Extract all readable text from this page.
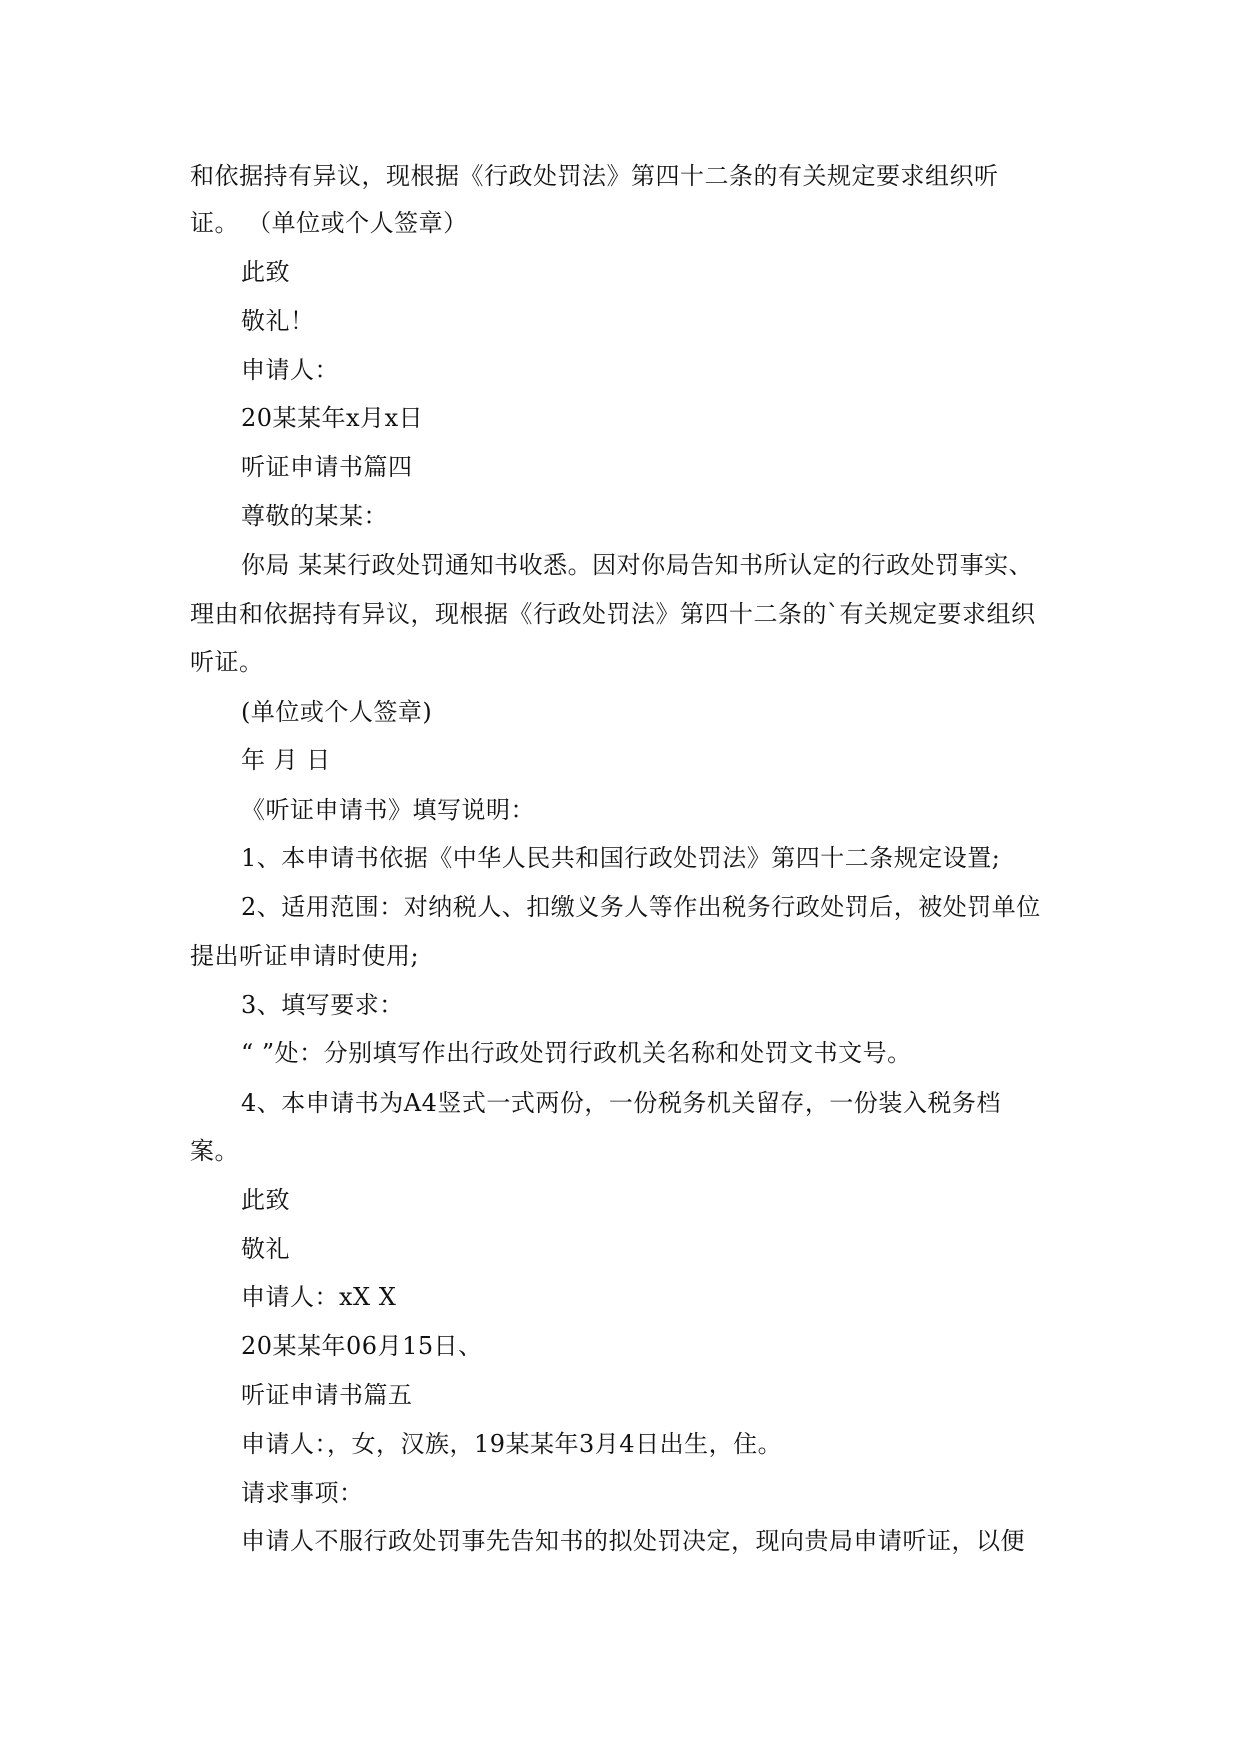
和依据持有异议，现根据《行政处罚法》第四十二条的有关规定要求组织听
证。 （单位或个人签章）
此致
敬礼！
申请人：
20某某年x月x日
听证申请书篇四
尊敬的某某：
你局 某某行政处罚通知书收悉。因对你局告知书所认定的行政处罚事实、
理由和依据持有异议，现根据《行政处罚法》第四十二条的`有关规定要求组织
听证。
(单位或个人签章)
年 月 日
《听证申请书》填写说明：
1、本申请书依据《中华人民共和国行政处罚法》第四十二条规定设置;
2、适用范围：对纳税人、扣缴义务人等作出税务行政处罚后，被处罚单位
提出听证申请时使用;
3、填写要求：
“ ”处：分别填写作出行政处罚行政机关名称和处罚文书文号。
4、本申请书为A4竖式一式两份，一份税务机关留存，一份装入税务档
案。
此致
敬礼
申请人：xX X
20某某年06月15日、
听证申请书篇五
申请人：，女，汉族，19某某年3月4日出生，住。
请求事项：
申请人不服行政处罚事先告知书的拟处罚决定，现向贵局申请听证，以便
